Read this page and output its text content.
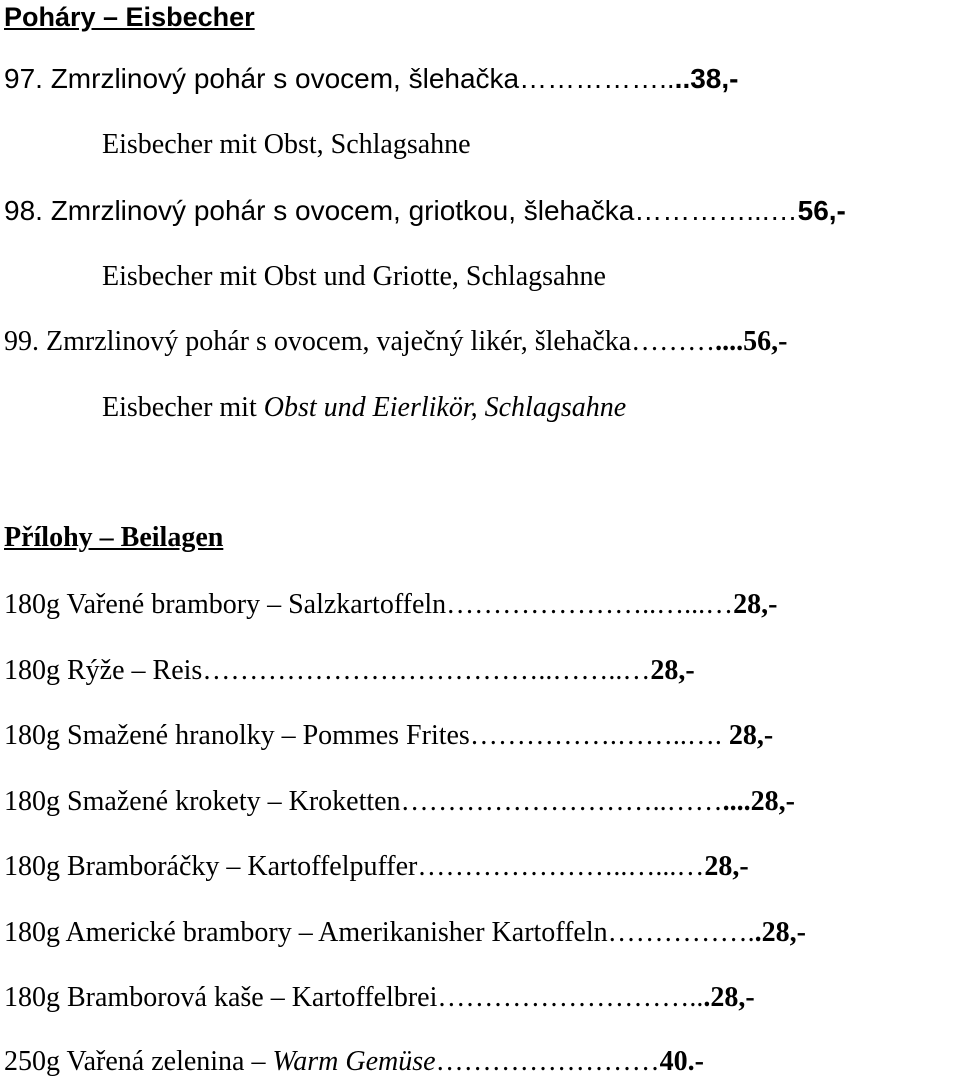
Poháry – Eisbecher
97. Zmrzlinový pohár s ovocem, šlehačka……………....38,-
Eisbecher mit Obst, Schlagsahne
98. Zmrzlinový pohár s ovocem, griotkou, šlehačka…………...…56,-
Eisbecher mit Obst und Griotte, Schlagsahne
99. Zmrzlinový pohár s ovocem, vaječný likér, šlehačka………....56,-
Eisbecher mit Obst und Eierlikör, Schlagsahne
Přílohy – Beilagen
180g Vařené brambory – Salzkartoffeln…………………..…...…28,-
180g Rýže – Reis………………………………..……..…28,-
180g Smažené hranolky – Pommes Frites…………….……..…. 28,-
180g Smažené krokety – Kroketten………………………..……....28,-
180g Bramboráčky – Kartoffelpuffer…………………..…...…28,-
180g Americké brambory – Amerikanisher Kartoffeln……………..28,-
180g Bramborová kaše – Kartoffelbrei………………………...28,-
250g Vařená zelenina – Warm Gemüse……………………40.-
